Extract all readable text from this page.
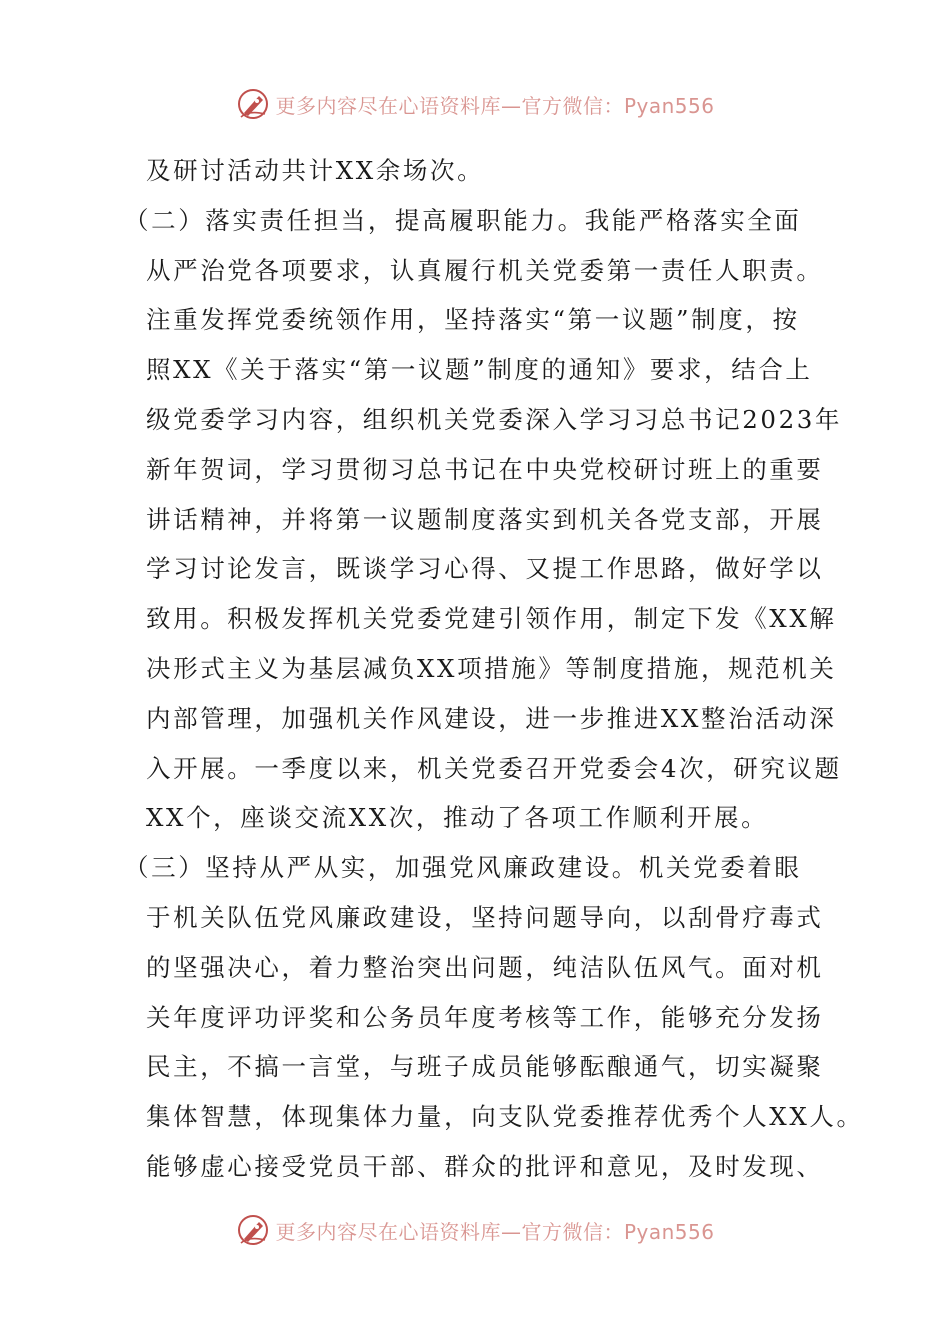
更多内容尽在心语资料库—官方微信：Pyan556
及研讨活动共计XX余场次。
（二）落实责任担当，提高履职能力。我能严格落实全面
从严治党各项要求，认真履行机关党委第一责任人职责。
注重发挥党委统领作用，坚持落实“第一议题”制度，按
照XX《关于落实“第一议题”制度的通知》要求，结合上
级党委学习内容，组织机关党委深入学习习总书记2023年
新年贺词，学习贯彻习总书记在中央党校研讨班上的重要
讲话精神，并将第一议题制度落实到机关各党支部，开展
学习讨论发言，既谈学习心得、又提工作思路，做好学以
致用。积极发挥机关党委党建引领作用，制定下发《XX解
决形式主义为基层减负XX项措施》等制度措施，规范机关
内部管理，加强机关作风建设，进一步推进XX整治活动深
入开展。一季度以来，机关党委召开党委会4次，研究议题
XX个，座谈交流XX次，推动了各项工作顺利开展。
（三）坚持从严从实，加强党风廉政建设。机关党委着眼
于机关队伍党风廉政建设，坚持问题导向，以刮骨疗毒式
的坚强决心，着力整治突出问题，纯洁队伍风气。面对机
关年度评功评奖和公务员年度考核等工作，能够充分发扬
民主，不搞一言堂，与班子成员能够酝酿通气，切实凝聚
集体智慧，体现集体力量，向支队党委推荐优秀个人XX人。
能够虚心接受党员干部、群众的批评和意见，及时发现、
更多内容尽在心语资料库—官方微信：Pyan556
